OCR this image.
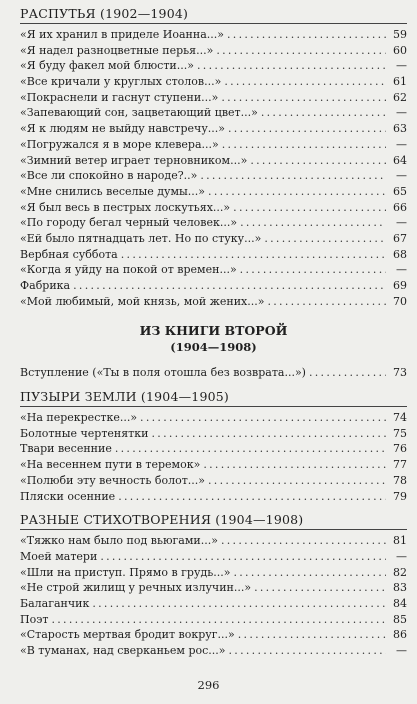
РАСПУТЬЯ (1902—1904)
«Я их хранил в приделе Иоанна...» . . .	59
«Я надел разноцветные перья...» . . .	60
«Я буду факел мой блюсти...» . . .	—
«Все кричали у круглых столов...» . . .	61
«Покраснели и гаснут ступени...» . . .	62
«Запевающий сон, зацветающий цвет...» . . .	—
«Я к людям не выйду навстречу...» . . .	63
«Погружался я в море клевера...» . . .	—
«Зимний ветер играет терновником...» . . .	64
«Все ли спокойно в народе?..» . . .	—
«Мне снились веселые думы...» . . .	65
«Я был весь в пестрых лоскутьях...» . . .	66
«По городу бегал черный человек...» . . .	—
«Ей было пятнадцать лет. Но по стуку...» . . .	67
Вербная суббота . . .	68
«Когда я уйду на покой от времен...» . . .	—
Фабрика . . .	69
«Мой любимый, мой князь, мой жених...» . . .	70
ИЗ КНИГИ ВТОРОЙ
(1904—1908)
Вступление («Ты в поля отошла без возврата...») . . .	73
ПУЗЫРИ ЗЕМЛИ (1904—1905)
«На перекрестке...» . . .	74
Болотные чертенятки . . .	75
Твари весенние . . .	76
«На весеннем пути в теремок» . . .	77
«Полюби эту вечность болот...» . . .	78
Пляски осенние . . .	79
РАЗНЫЕ СТИХОТВОРЕНИЯ (1904—1908)
«Тяжко нам было под вьюгами...» . . .	81
Моей матери . . .	—
«Шли на приступ. Прямо в грудь...» . . .	82
«Не строй жилищ у речных излучин...» . . .	83
Балаганчик . . .	84
Поэт . . .	85
«Старость мертвая бродит вокруг...» . . .	86
«В туманах, над сверканьем рос...» . . .	—
296
